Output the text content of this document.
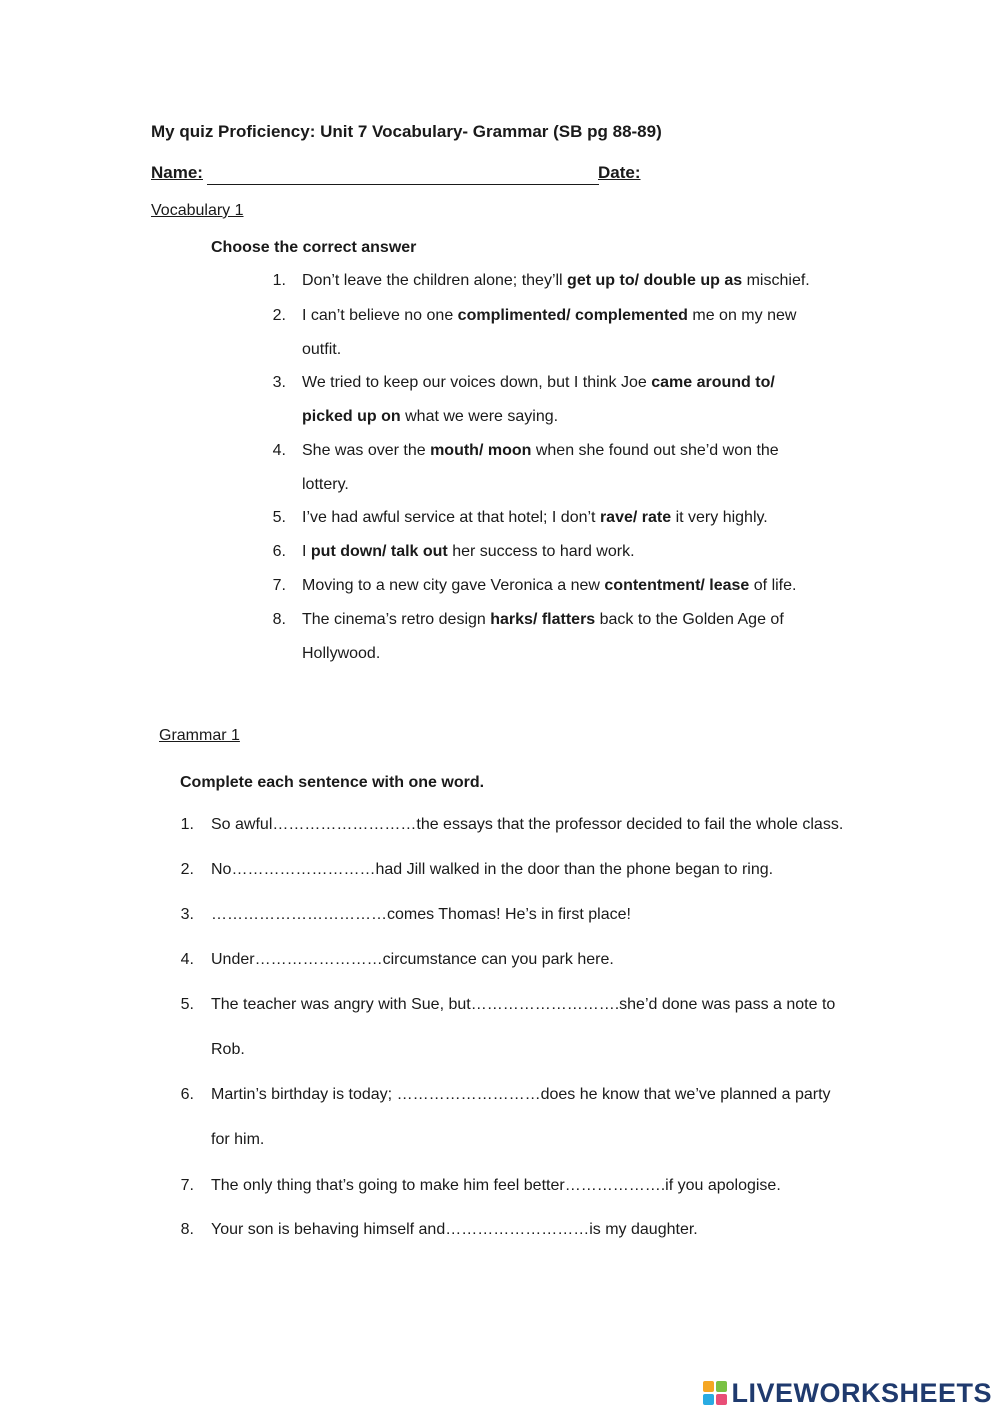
My quiz Proficiency: Unit 7 Vocabulary- Grammar (SB pg 88-89)
Name:	Date:
Vocabulary 1
Choose the correct answer
1. Don’t leave the children alone; they’ll get up to/ double up as mischief.
2. I can’t believe no one complimented/ complemented me on my new
outfit.
3. We tried to keep our voices down, but I think Joe came around to/
picked up on what we were saying.
4. She was over the mouth/ moon when she found out she’d won the
lottery.
5. I’ve had awful service at that hotel; I don’t rave/ rate it very highly.
6. I put down/ talk out her success to hard work.
7. Moving to a new city gave Veronica a new contentment/ lease of life.
8. The cinema’s retro design harks/ flatters back to the Golden Age of
Hollywood.
Grammar 1
Complete each sentence with one word.
1. So awful………………………the essays that the professor decided to fail the whole class.
2. No………………………had Jill walked in the door than the phone began to ring.
3. ……………………………comes Thomas! He’s in first place!
4. Under……………………circumstance can you park here.
5. The teacher was angry with Sue, but……………………….she’d done was pass a note to
Rob.
6. Martin’s birthday is today; ………………………does he know that we’ve planned a party
for him.
7. The only thing that’s going to make him feel better……………….if you apologise.
8. Your son is behaving himself and………………………is my daughter.
LIVEWORKSHEETS
